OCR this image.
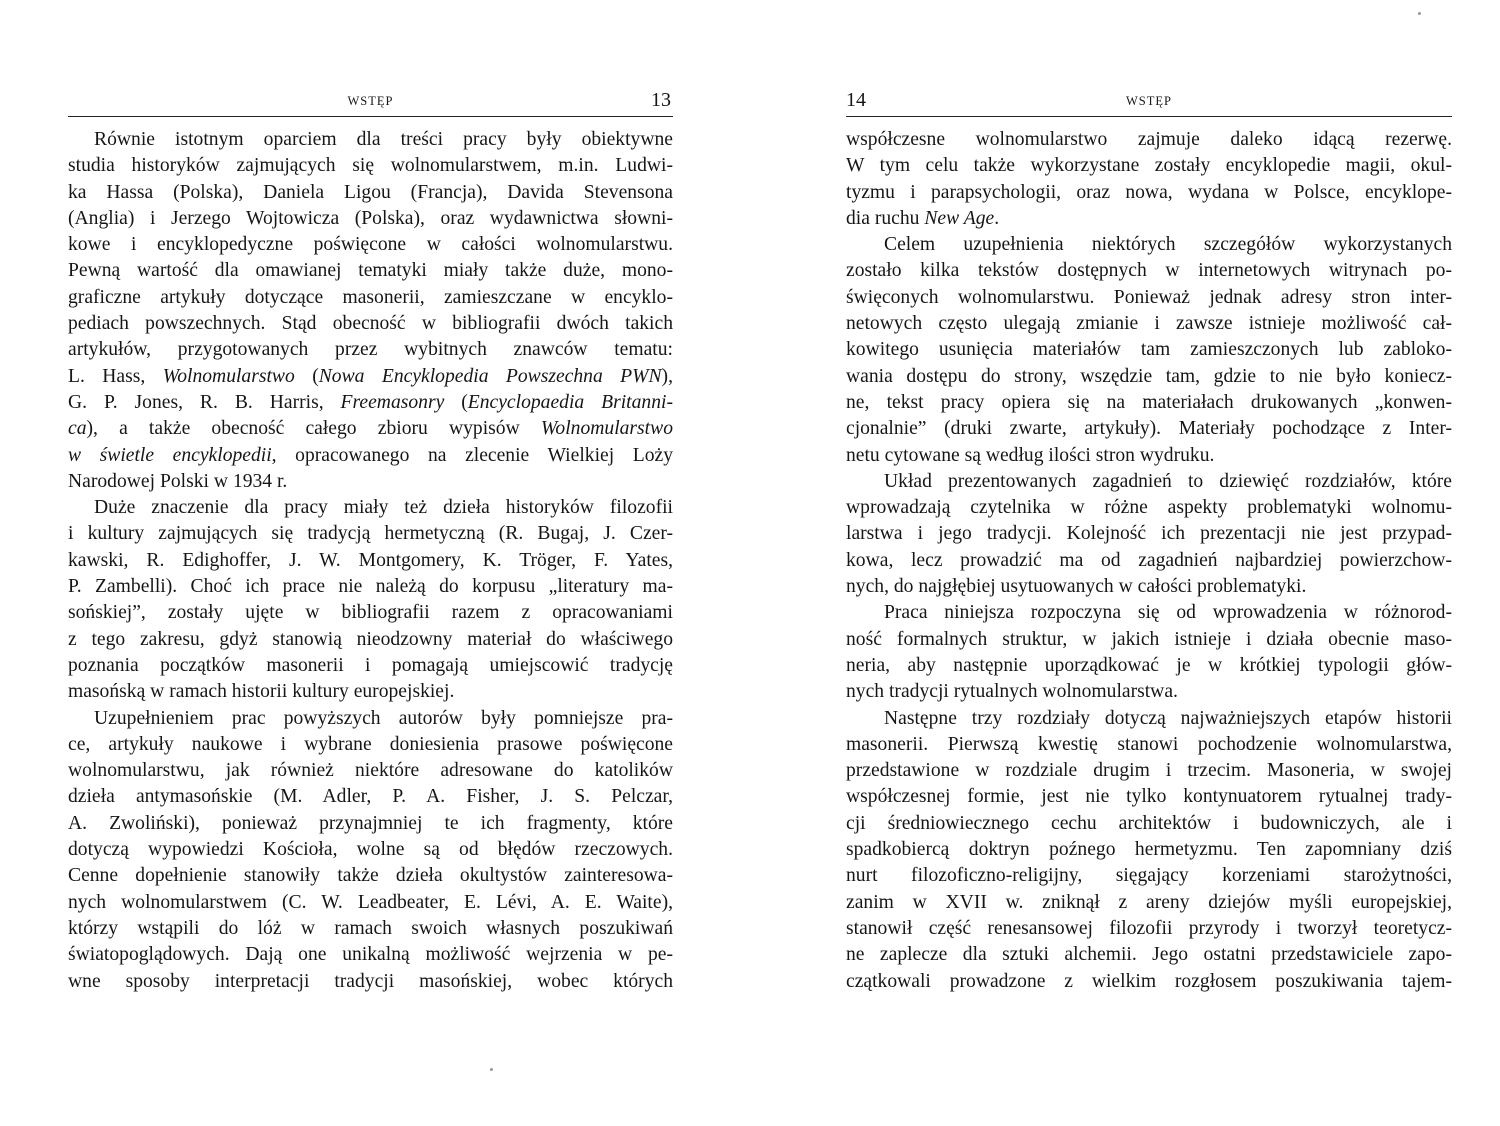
WSTĘP	13
Równie istotnym oparciem dla treści pracy były obiektywne
studia historyków zajmujących się wolnomularstwem, m.in. Ludwi-
ka Hassa (Polska), Daniela Ligou (Francja), Davida Stevensona
(Anglia) i Jerzego Wojtowicza (Polska), oraz wydawnictwa słowni-
kowe i encyklopedyczne poświęcone w całości wolnomularstwu.
Pewną wartość dla omawianej tematyki miały także duże, mono-
graficzne artykuły dotyczące masonerii, zamieszczane w encyklo-
pediach powszechnych. Stąd obecność w bibliografii dwóch takich
artykułów, przygotowanych przez wybitnych znawców tematu:
L. Hass, Wolnomularstwo (Nowa Encyklopedia Powszechna PWN),
G. P. Jones, R. B. Harris, Freemasonry (Encyclopaedia Britanni-
ca), a także obecność całego zbioru wypisów Wolnomularstwo
w świetle encyklopedii, opracowanego na zlecenie Wielkiej Loży
Narodowej Polski w 1934 r.
Duże znaczenie dla pracy miały też dzieła historyków filozofii
i kultury zajmujących się tradycją hermetyczną (R. Bugaj, J. Czer-
kawski, R. Edighoffer, J. W. Montgomery, K. Tröger, F. Yates,
P. Zambelli). Choć ich prace nie należą do korpusu „literatury ma-
sońskiej”, zostały ujęte w bibliografii razem z opracowaniami
z tego zakresu, gdyż stanowią nieodzowny materiał do właściwego
poznania początków masonerii i pomagają umiejscowić tradycję
masońską w ramach historii kultury europejskiej.
Uzupełnieniem prac powyższych autorów były pomniejsze pra-
ce, artykuły naukowe i wybrane doniesienia prasowe poświęcone
wolnomularstwu, jak również niektóre adresowane do katolików
dzieła antymasońskie (M. Adler, P. A. Fisher, J. S. Pelczar,
A. Zwoliński), ponieważ przynajmniej te ich fragmenty, które
dotyczą wypowiedzi Kościoła, wolne są od błędów rzeczowych.
Cenne dopełnienie stanowiły także dzieła okultystów zainteresowa-
nych wolnomularstwem (C. W. Leadbeater, E. Lévi, A. E. Waite),
którzy wstąpili do lóż w ramach swoich własnych poszukiwań
światopoglądowych. Dają one unikalną możliwość wejrzenia w pe-
wne sposoby interpretacji tradycji masońskiej, wobec których
14	WSTĘP
współczesne wolnomularstwo zajmuje daleko idącą rezerwę.
W tym celu także wykorzystane zostały encyklopedie magii, okul-
tyzmu i parapsychologii, oraz nowa, wydana w Polsce, encyklope-
dia ruchu New Age.
Celem uzupełnienia niektórych szczegółów wykorzystanych
zostało kilka tekstów dostępnych w internetowych witrynach po-
święconych wolnomularstwu. Ponieważ jednak adresy stron inter-
netowych często ulegają zmianie i zawsze istnieje możliwość cał-
kowitego usunięcia materiałów tam zamieszczonych lub zabloko-
wania dostępu do strony, wszędzie tam, gdzie to nie było koniecz-
ne, tekst pracy opiera się na materiałach drukowanych „konwen-
cjonalnie” (druki zwarte, artykuły). Materiały pochodzące z Inter-
netu cytowane są według ilości stron wydruku.
Układ prezentowanych zagadnień to dziewięć rozdziałów, które
wprowadzają czytelnika w różne aspekty problematyki wolnomu-
larstwa i jego tradycji. Kolejność ich prezentacji nie jest przypad-
kowa, lecz prowadzić ma od zagadnień najbardziej powierzchow-
nych, do najgłębiej usytuowanych w całości problematyki.
Praca niniejsza rozpoczyna się od wprowadzenia w różnorod-
ność formalnych struktur, w jakich istnieje i działa obecnie maso-
neria, aby następnie uporządkować je w krótkiej typologii głów-
nych tradycji rytualnych wolnomularstwa.
Następne trzy rozdziały dotyczą najważniejszych etapów historii
masonerii. Pierwszą kwestię stanowi pochodzenie wolnomularstwa,
przedstawione w rozdziale drugim i trzecim. Masoneria, w swojej
współczesnej formie, jest nie tylko kontynuatorem rytualnej trady-
cji średniowiecznego cechu architektów i budowniczych, ale i
spadkobiercą doktryn poźnego hermetyzmu. Ten zapomniany dziś
nurt filozoficzno-religijny, sięgający korzeniami starożytności,
zanim w XVII w. zniknął z areny dziejów myśli europejskiej,
stanowił część renesansowej filozofii przyrody i tworzył teoretycz-
ne zaplecze dla sztuki alchemii. Jego ostatni przedstawiciele zapo-
czątkowali prowadzone z wielkim rozgłosem poszukiwania tajem-
